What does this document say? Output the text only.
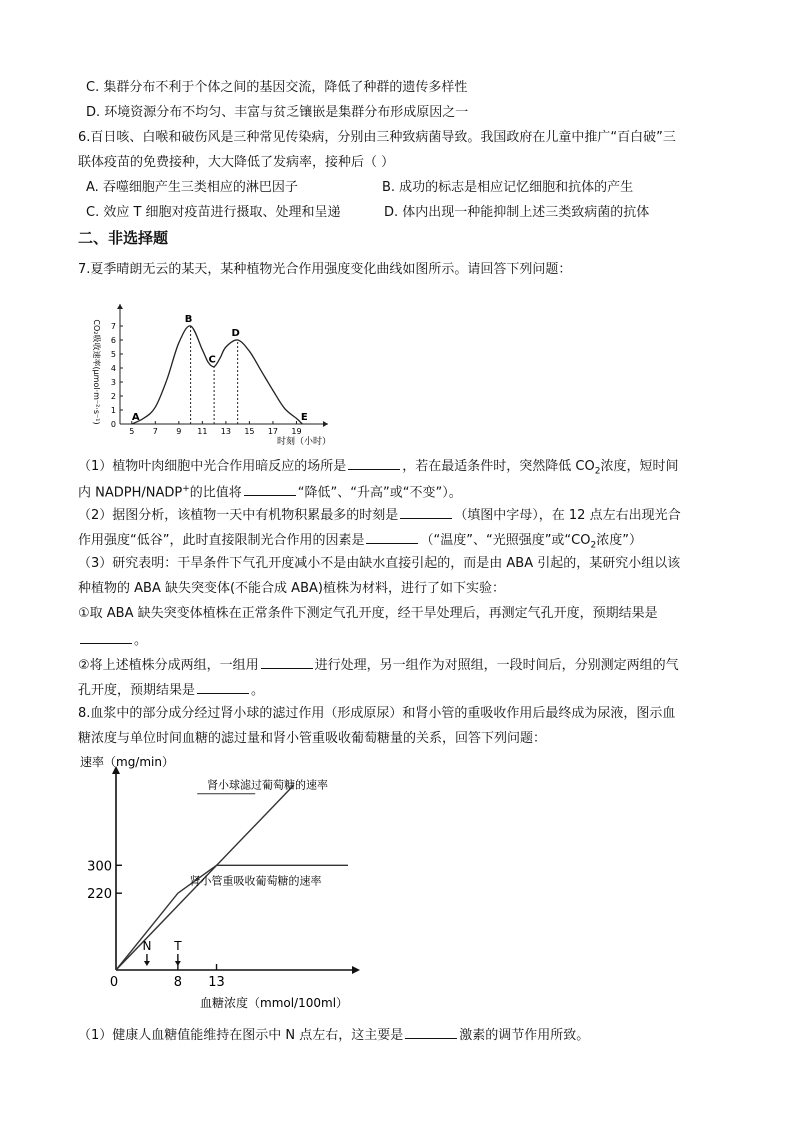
C. 集群分布不利于个体之间的基因交流，降低了种群的遗传多样性
D. 环境资源分布不均匀、丰富与贫乏镶嵌是集群分布形成原因之一
6.百日咳、白喉和破伤风是三种常见传染病，分别由三种致病菌导致。我国政府在儿童中推广“百白破”三
联体疫苗的免费接种，大大降低了发病率，接种后（ ）
A. 吞噬细胞产生三类相应的淋巴因子	B. 成功的标志是相应记忆细胞和抗体的产生
C. 效应 T 细胞对疫苗进行摄取、处理和呈递	D. 体内出现一种能抑制上述三类致病菌的抗体
二、非选择题
7.夏季晴朗无云的某天，某种植物光合作用强度变化曲线如图所示。请回答下列问题：
5 7 9 11 13 15 17 19
0
1
2
3
4
5
6
7
A
B
C
D
E
CO₂吸收速率(μmol·m⁻²·s⁻¹)
时刻（小时）
（1）植物叶肉细胞中光合作用暗反应的场所是	，若在最适条件时，突然降低 $CO_2$浓度，短时间
内 NADPH/NADP+的比值将	“降低”、“升高”或“不变”）。
（2）据图分析，该植物一天中有机物积累最多的时刻是	（填图中字母），在 12 点左右出现光合
作用强度“低谷”，此时直接限制光合作用的因素是	（“温度”、“光照强度”或“$CO_2$浓度”）
（3）研究表明：干旱条件下气孔开度减小不是由缺水直接引起的，而是由 ABA 引起的，某研究小组以该
种植物的 ABA 缺失突变体(不能合成 ABA)植株为材料，进行了如下实验：
①取 ABA 缺失突变体植株在正常条件下测定气孔开度，经干旱处理后，再测定气孔开度，预期结果是
。
②将上述植株分成两组，一组用	进行处理，另一组作为对照组，一段时间后，分别测定两组的气
孔开度，预期结果是	。
8.血浆中的部分成分经过肾小球的滤过作用（形成原尿）和肾小管的重吸收作用后最终成为尿液，图示血
糖浓度与单位时间血糖的滤过量和肾小管重吸收葡萄糖量的关系，回答下列问题：
220
300
8 13
0
肾小球滤过葡萄糖的速率
肾小管重吸收葡萄糖的速率
N T
速率（mg/min）
血糖浓度（mmol/100ml）
（1）健康人血糖值能维持在图示中 N 点左右，这主要是	激素的调节作用所致。
